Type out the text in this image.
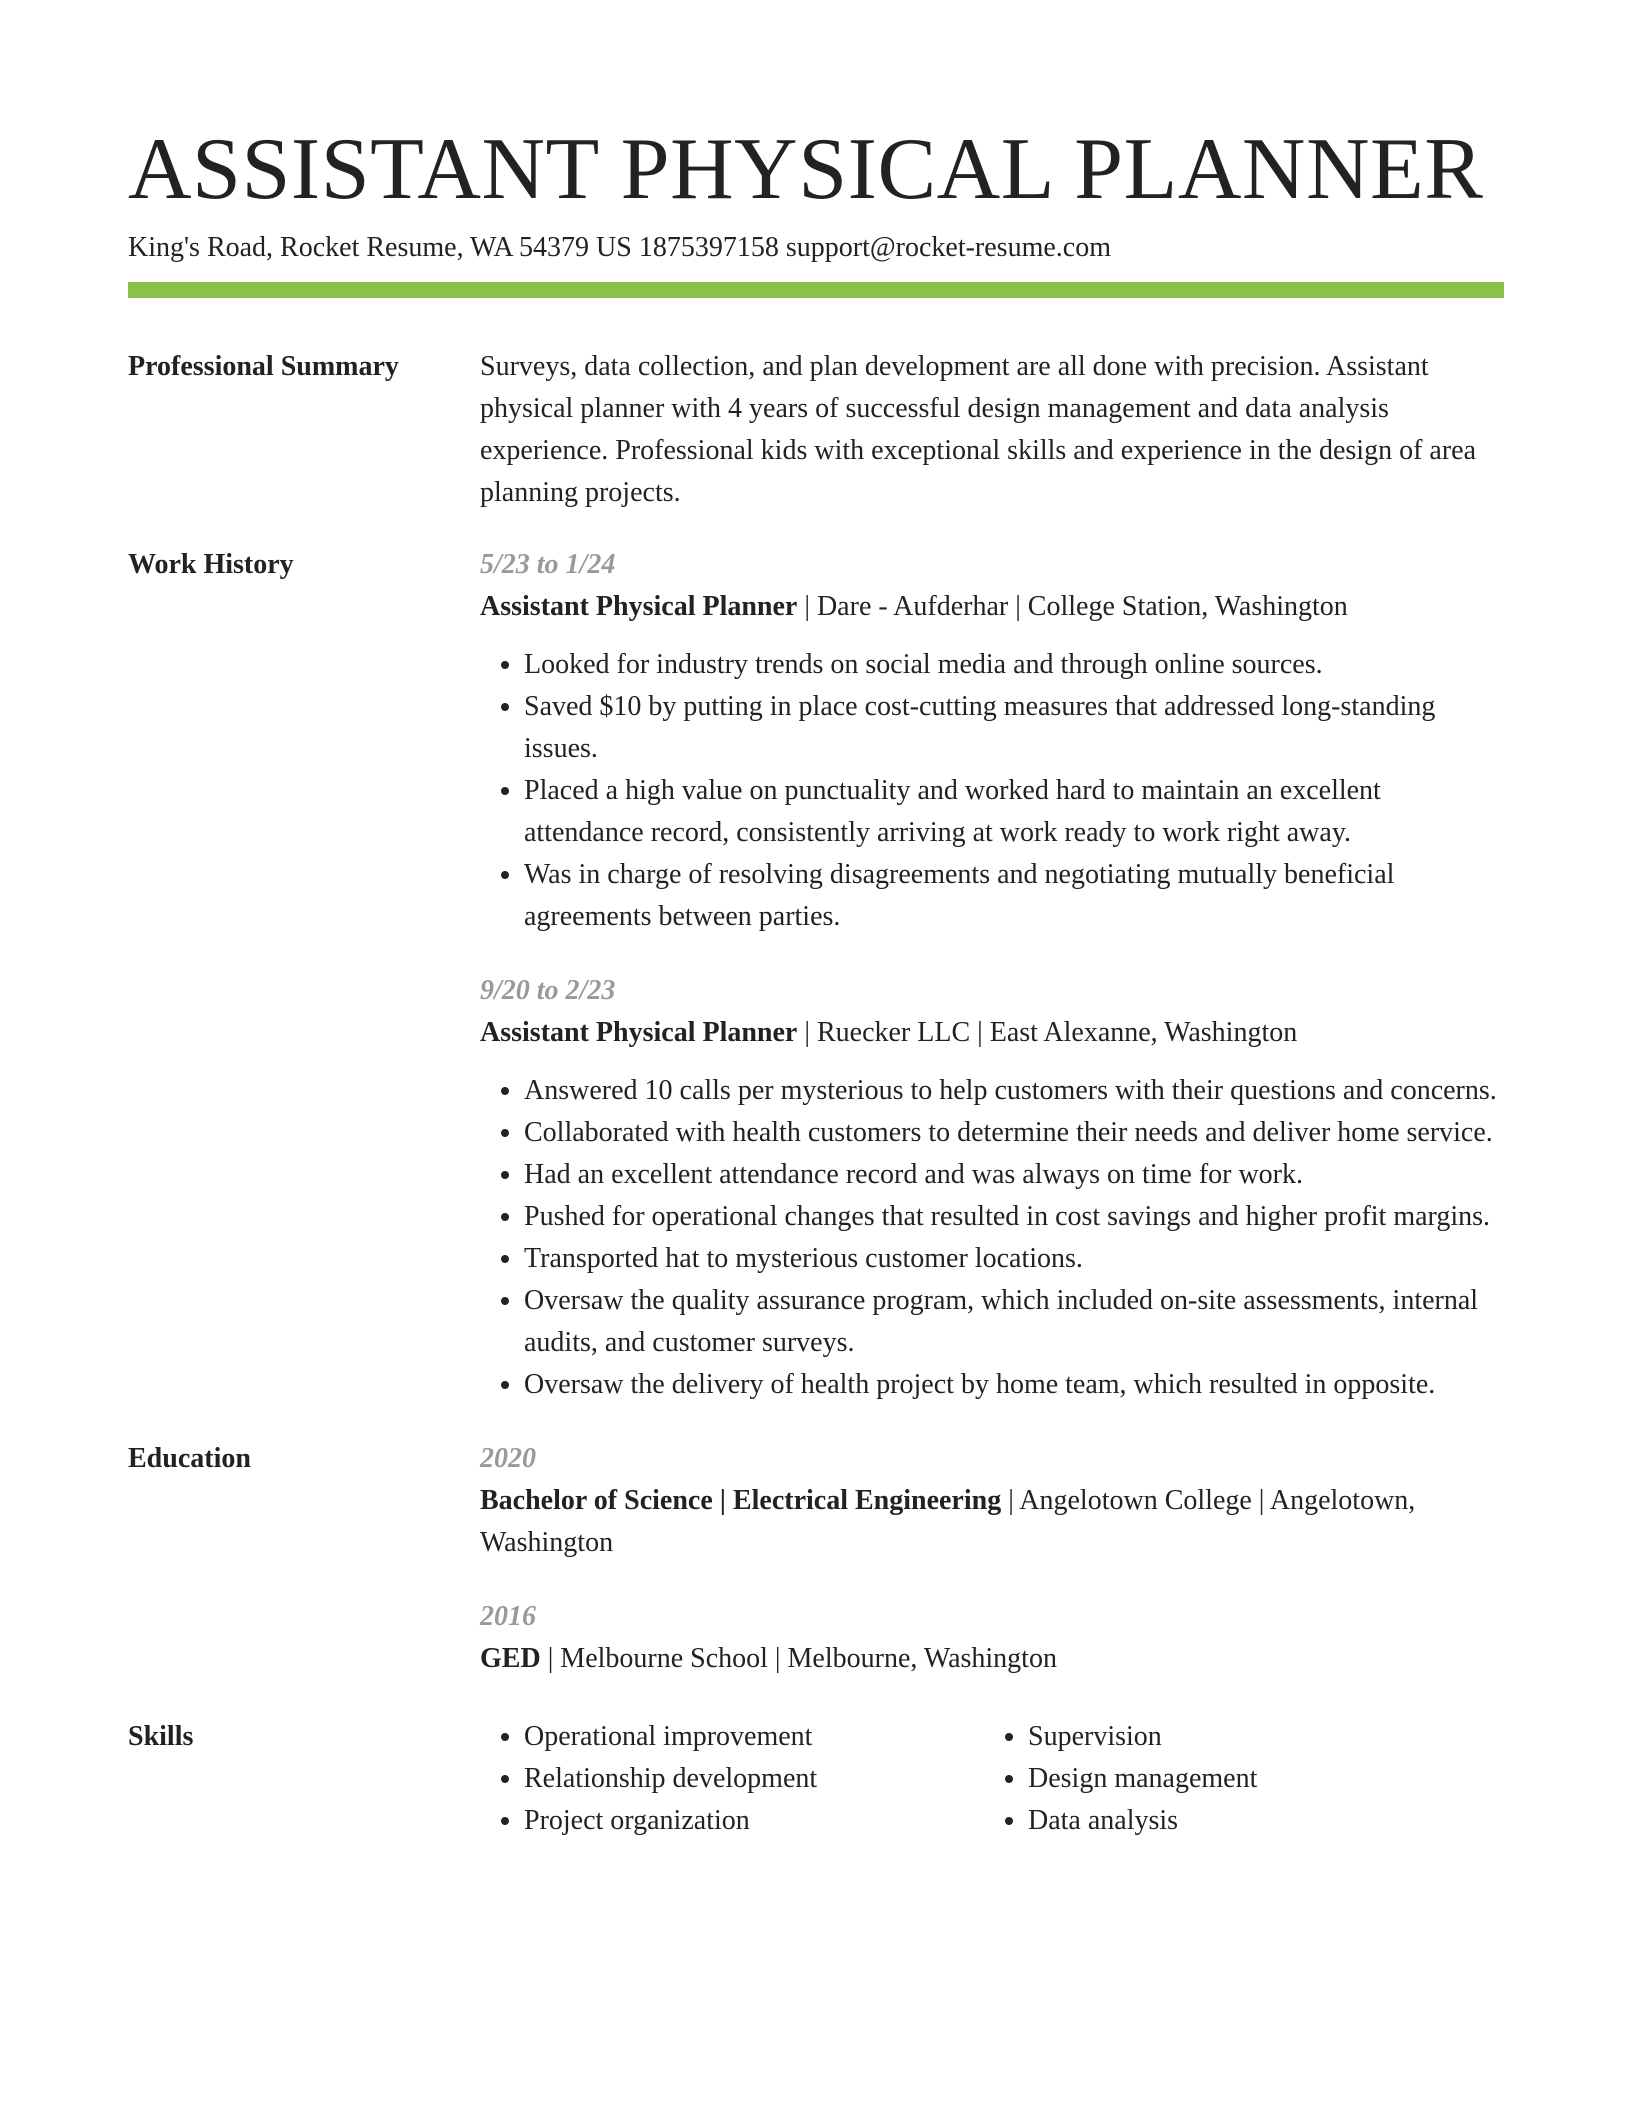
ASSISTANT PHYSICAL PLANNER
King's Road, Rocket Resume, WA 54379 US 1875397158 support@rocket-resume.com
Professional Summary	Surveys, data collection, and plan development are all done with precision. Assistant physical planner with 4 years of successful design management and data analysis experience. Professional kids with exceptional skills and experience in the design of area planning projects.
Work History	5/23 to 1/24
Assistant Physical Planner | Dare - Aufderhar | College Station, Washington
• Looked for industry trends on social media and through online sources.
• Saved $10 by putting in place cost-cutting measures that addressed long-standing issues.
• Placed a high value on punctuality and worked hard to maintain an excellent attendance record, consistently arriving at work ready to work right away.
• Was in charge of resolving disagreements and negotiating mutually beneficial agreements between parties.
9/20 to 2/23
Assistant Physical Planner | Ruecker LLC | East Alexanne, Washington
• Answered 10 calls per mysterious to help customers with their questions and concerns.
• Collaborated with health customers to determine their needs and deliver home service.
• Had an excellent attendance record and was always on time for work.
• Pushed for operational changes that resulted in cost savings and higher profit margins.
• Transported hat to mysterious customer locations.
• Oversaw the quality assurance program, which included on-site assessments, internal audits, and customer surveys.
• Oversaw the delivery of health project by home team, which resulted in opposite.
Education	2020
Bachelor of Science | Electrical Engineering | Angelotown College | Angelotown, Washington
2016
GED | Melbourne School | Melbourne, Washington
Skills
•	Operational improvement
• Relationship development
• Project organization
• Supervision
• Design management
• Data analysis
